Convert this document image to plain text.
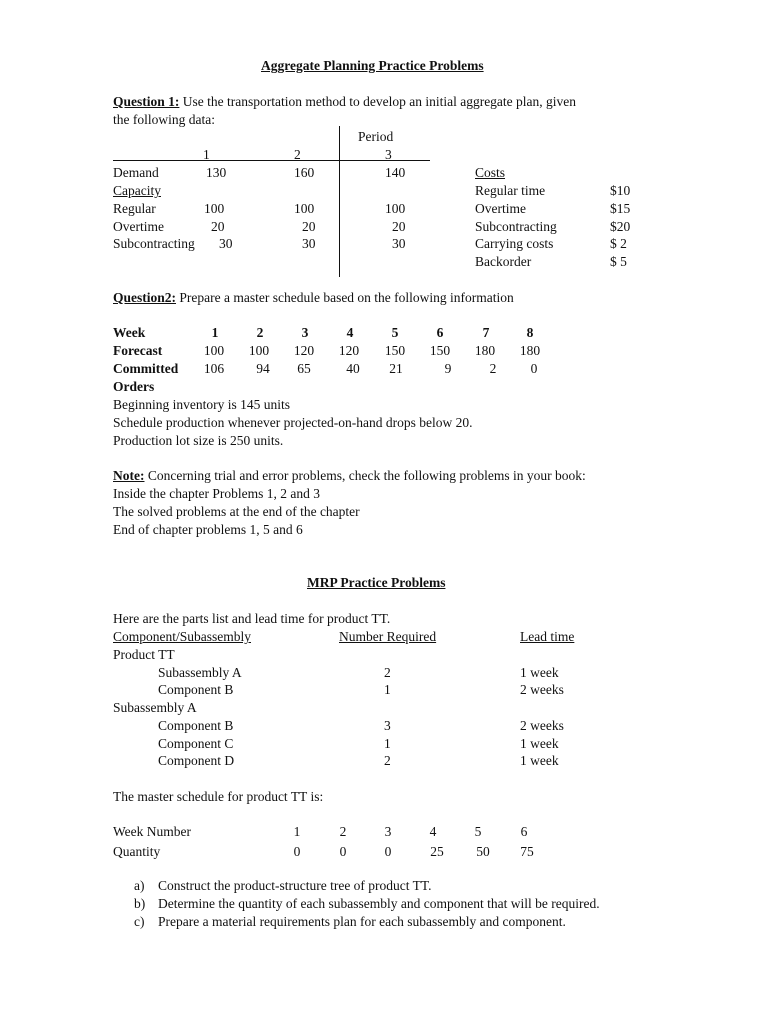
Aggregate Planning Practice Problems
Question 1: Use the transportation method to develop an initial aggregate plan, given
the following data:
Period
1	2	3
Demand	130	160	140
Capacity
Regular	100	100	100
Overtime	20	20	20
Subcontracting 30	30	30
Costs
Regular time	$10
Overtime	$15
Subcontracting	$20
Carrying costs	$ 2
Backorder	$ 5
Question2: Prepare a master schedule based on the following information
Week	1	2	3	4	5	6	7	8
Forecast	100	100	120	120	150	150	180	180
Committed	106	94	65	40	21	9	2	0
Orders
Beginning inventory is 145 units
Schedule production whenever projected-on-hand drops below 20.
Production lot size is 250 units.
Note: Concerning trial and error problems, check the following problems in your book:
Inside the chapter Problems 1, 2 and 3
The solved problems at the end of the chapter
End of chapter problems 1, 5 and 6
MRP Practice Problems
Here are the parts list and lead time for product TT.
Component/Subassembly	Number Required	Lead time
Product TT
Subassembly A	2	1 week
Component B	1	2 weeks
Subassembly A
Component B	3	2 weeks
Component C	1	1 week
Component D	2	1 week
The master schedule for product TT is:
Week Number	1	2	3	4	5	6
Quantity	0	0	0	25	50	75
a) Construct the product-structure tree of product TT.
b) Determine the quantity of each subassembly and component that will be required.
c) Prepare a material requirements plan for each subassembly and component.
